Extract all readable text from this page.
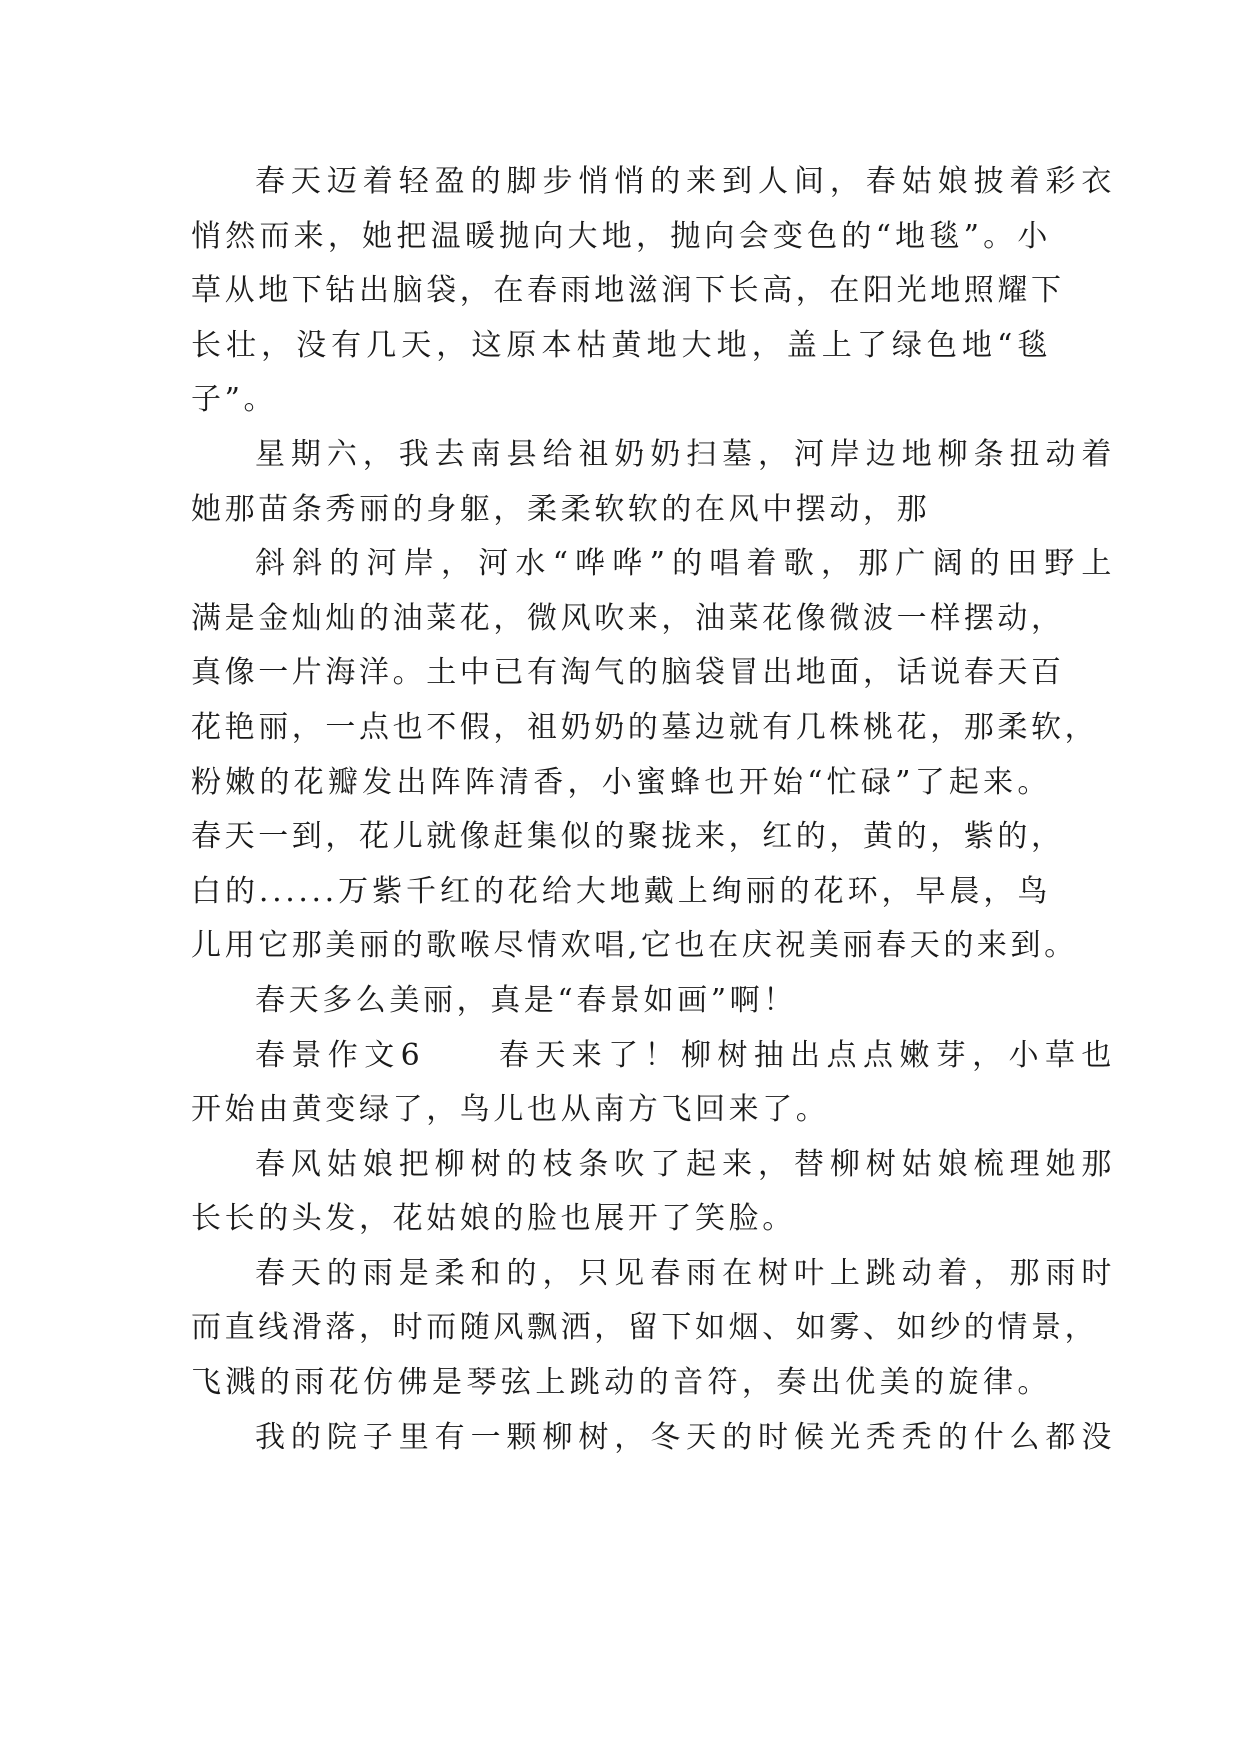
春天迈着轻盈的脚步悄悄的来到人间，春姑娘披着彩衣
悄然而来，她把温暖抛向大地，抛向会变色的“地毯”。小
草从地下钻出脑袋，在春雨地滋润下长高，在阳光地照耀下
长壮，没有几天，这原本枯黄地大地，盖上了绿色地“毯
子”。
星期六，我去南县给祖奶奶扫墓，河岸边地柳条扭动着
她那苗条秀丽的身躯，柔柔软软的在风中摆动，那
斜斜的河岸，河水“哗哗”的唱着歌，那广阔的田野上
满是金灿灿的油菜花，微风吹来，油菜花像微波一样摆动，
真像一片海洋。土中已有淘气的脑袋冒出地面，话说春天百
花艳丽，一点也不假，祖奶奶的墓边就有几株桃花，那柔软，
粉嫩的花瓣发出阵阵清香，小蜜蜂也开始“忙碌”了起来。
春天一到，花儿就像赶集似的聚拢来，红的，黄的，紫的，
白的......万紫千红的花给大地戴上绚丽的花环，早晨，鸟
儿用它那美丽的歌喉尽情欢唱,它也在庆祝美丽春天的来到。
春天多么美丽，真是“春景如画”啊！
春景作文6　　春天来了！柳树抽出点点嫩芽，小草也
开始由黄变绿了，鸟儿也从南方飞回来了。
春风姑娘把柳树的枝条吹了起来，替柳树姑娘梳理她那
长长的头发，花姑娘的脸也展开了笑脸。
春天的雨是柔和的，只见春雨在树叶上跳动着，那雨时
而直线滑落，时而随风飘洒，留下如烟、如雾、如纱的情景，
飞溅的雨花仿佛是琴弦上跳动的音符，奏出优美的旋律。
我的院子里有一颗柳树，冬天的时候光秃秃的什么都没
